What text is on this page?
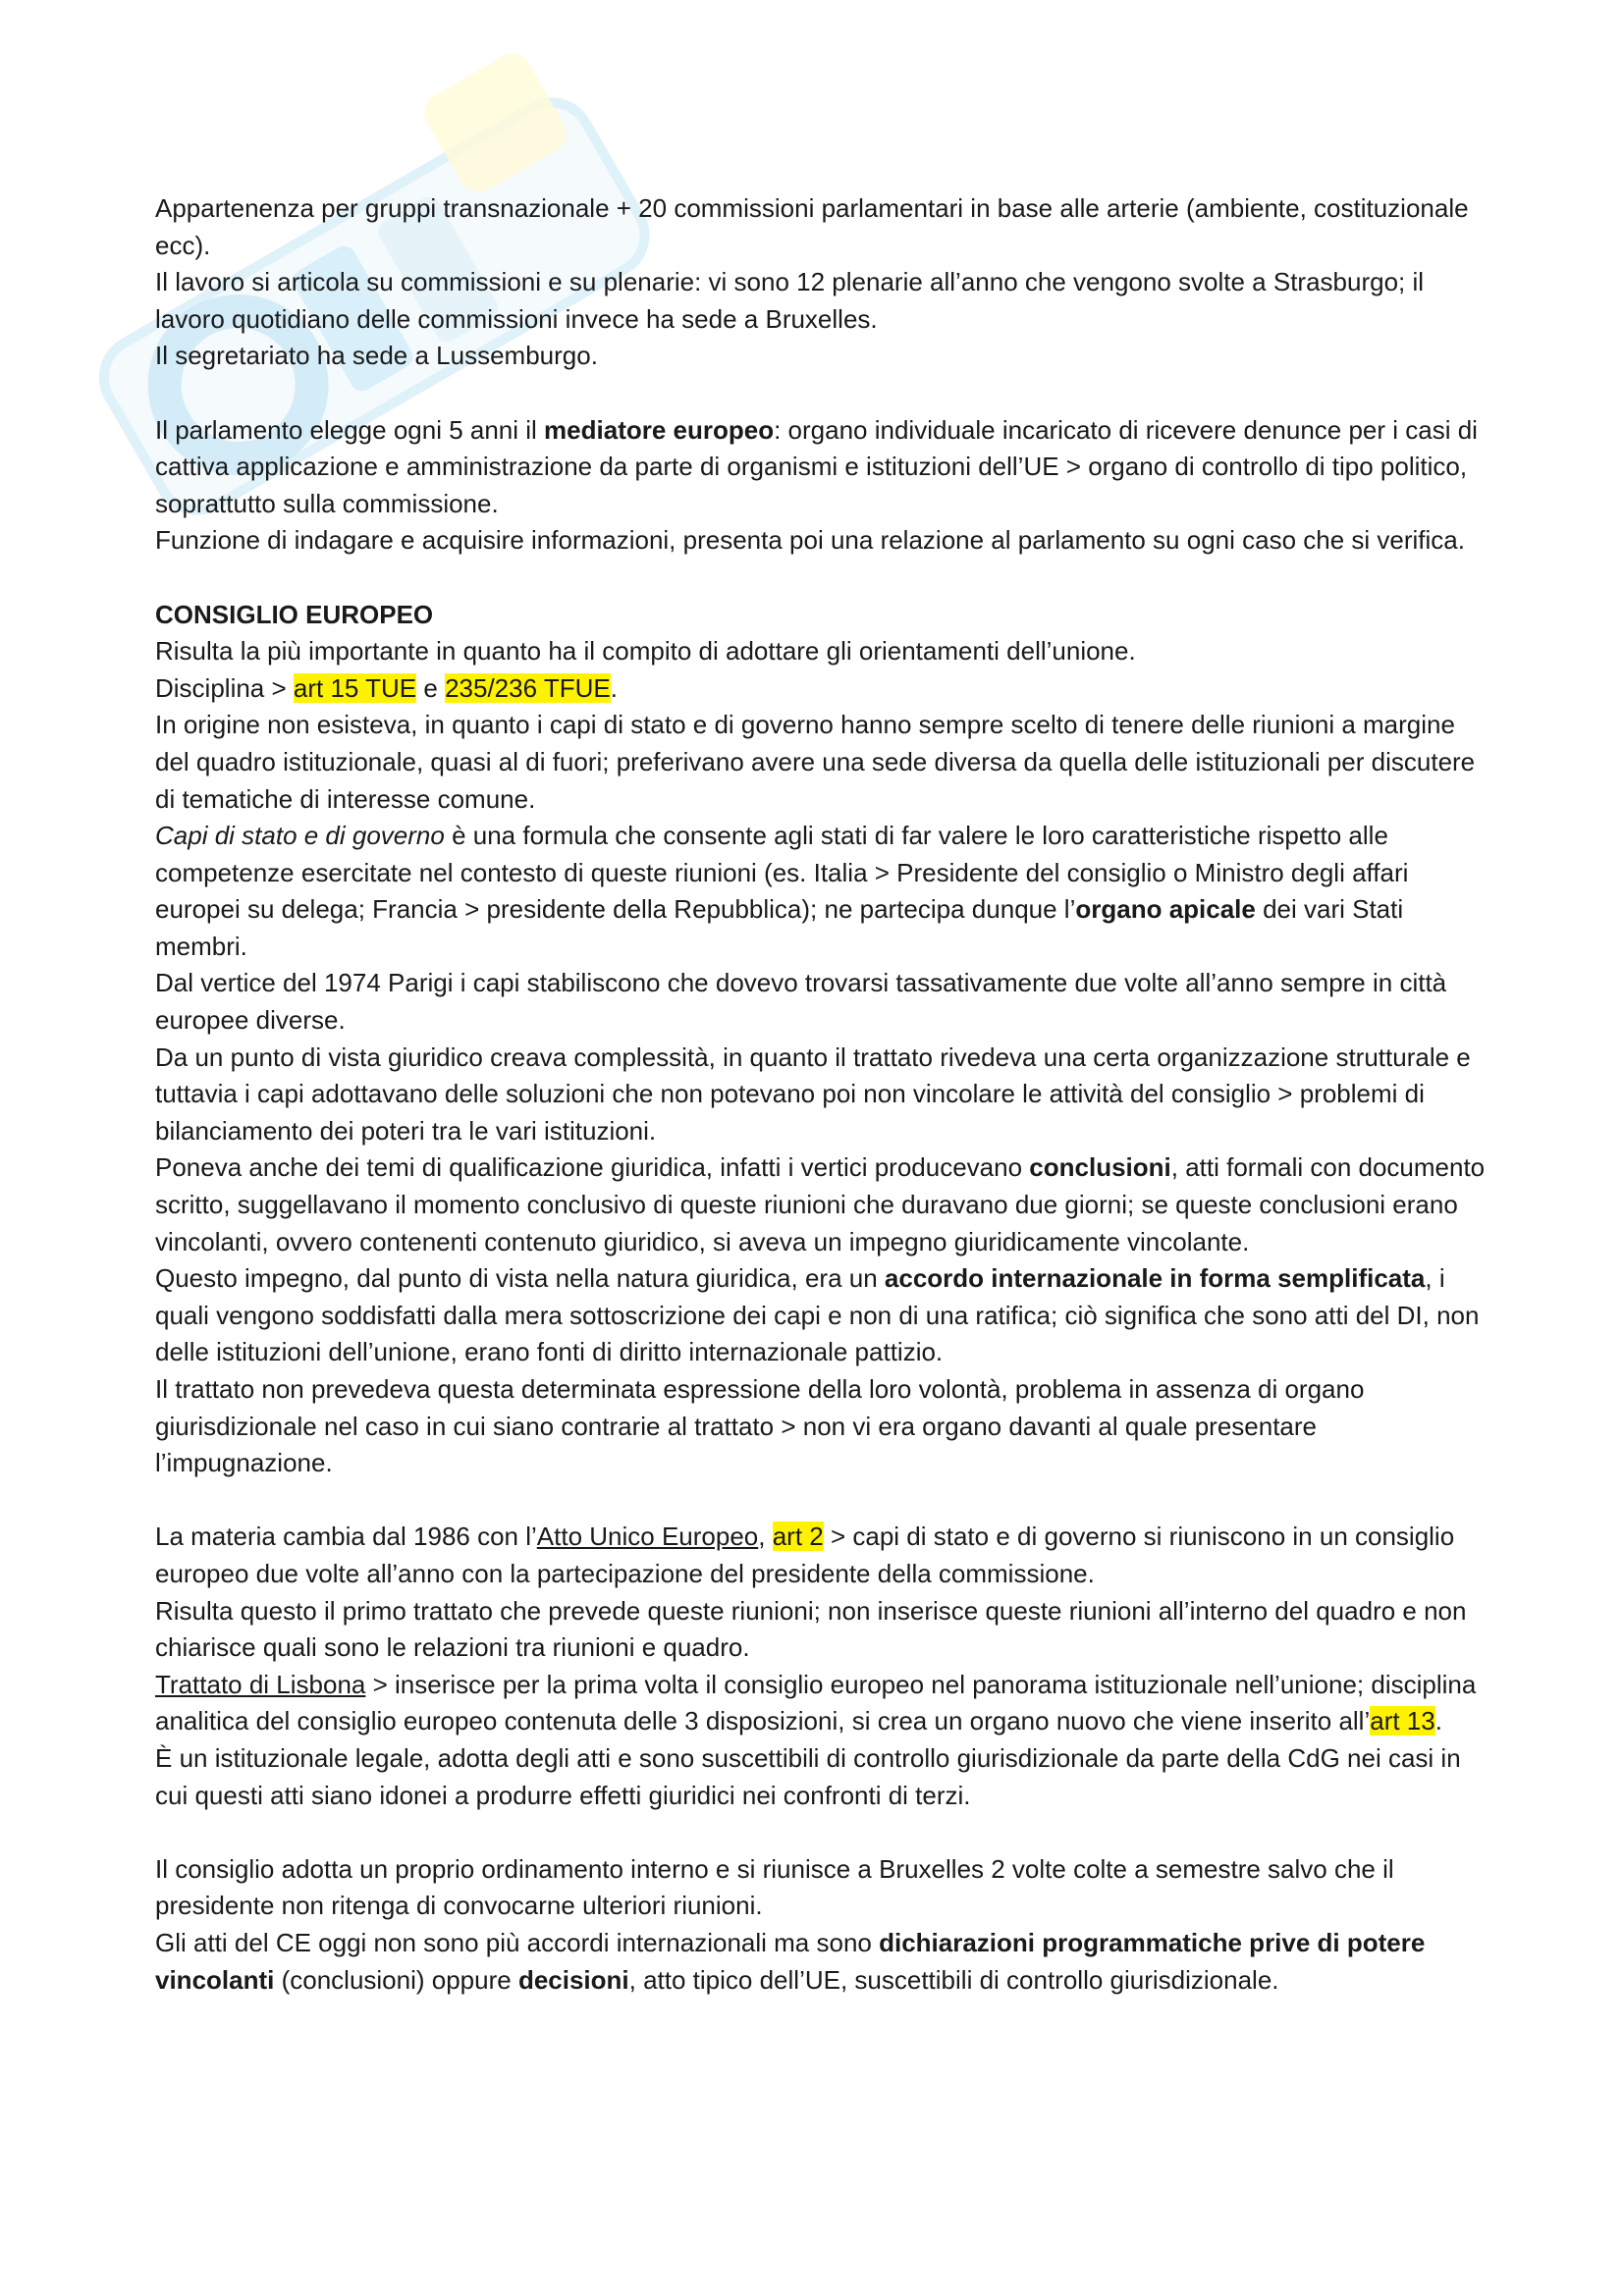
Appartenenza per gruppi transnazionale + 20 commissioni parlamentari in base alle arterie (ambiente, costituzionale ecc).

Il lavoro si articola su commissioni e su plenarie: vi sono 12 plenarie all’anno che vengono svolte a Strasburgo; il lavoro quotidiano delle commissioni invece ha sede a Bruxelles.

Il segretariato ha sede a Lussemburgo.

Il parlamento elegge ogni 5 anni il mediatore europeo: organo individuale incaricato di ricevere denunce per i casi di cattiva applicazione e amministrazione da parte di organismi e istituzioni dell’UE > organo di controllo di tipo politico, soprattutto sulla commissione.

Funzione di indagare e acquisire informazioni, presenta poi una relazione al parlamento su ogni caso che si verifica.

CONSIGLIO EUROPEO

Risulta la più importante in quanto ha il compito di adottare gli orientamenti dell’unione.

Disciplina > art 15 TUE e 235/236 TFUE.

In origine non esisteva, in quanto i capi di stato e di governo hanno sempre scelto di tenere delle riunioni a margine del quadro istituzionale, quasi al di fuori; preferivano avere una sede diversa da quella delle istituzionali per discutere di tematiche di interesse comune.

Capi di stato e di governo è una formula che consente agli stati di far valere le loro caratteristiche rispetto alle competenze esercitate nel contesto di queste riunioni (es. Italia > Presidente del consiglio o Ministro degli affari europei su delega; Francia > presidente della Repubblica); ne partecipa dunque l’organo apicale dei vari Stati membri.

Dal vertice del 1974 Parigi i capi stabiliscono che dovevo trovarsi tassativamente due volte all’anno sempre in città europee diverse.

Da un punto di vista giuridico creava complessità, in quanto il trattato rivedeva una certa organizzazione strutturale e tuttavia i capi adottavano delle soluzioni che non potevano poi non vincolare le attività del consiglio > problemi di bilanciamento dei poteri tra le vari istituzioni.

Poneva anche dei temi di qualificazione giuridica, infatti i vertici producevano conclusioni, atti formali con documento scritto, suggellavano il momento conclusivo di queste riunioni che duravano due giorni; se queste conclusioni erano vincolanti, ovvero contenenti contenuto giuridico, si aveva un impegno giuridicamente vincolante.

Questo impegno, dal punto di vista nella natura giuridica, era un accordo internazionale in forma semplificata, i quali vengono soddisfatti dalla mera sottoscrizione dei capi e non di una ratifica; ciò significa che sono atti del DI, non delle istituzioni dell’unione, erano fonti di diritto internazionale pattizio.

Il trattato non prevedeva questa determinata espressione della loro volontà, problema in assenza di organo giurisdizionale nel caso in cui siano contrarie al trattato > non vi era organo davanti al quale presentare l’impugnazione.

La materia cambia dal 1986 con l’Atto Unico Europeo, art 2 > capi di stato e di governo si riuniscono in un consiglio europeo due volte all’anno con la partecipazione del presidente della commissione.

Risulta questo il primo trattato che prevede queste riunioni; non inserisce queste riunioni all’interno del quadro e non chiarisce quali sono le relazioni tra riunioni e quadro.

Trattato di Lisbona > inserisce per la prima volta il consiglio europeo nel panorama istituzionale nell’unione; disciplina analitica del consiglio europeo contenuta delle 3 disposizioni, si crea un organo nuovo che viene inserito all’art 13.

È un istituzionale legale, adotta degli atti e sono suscettibili di controllo giurisdizionale da parte della CdG nei casi in cui questi atti siano idonei a produrre effetti giuridici nei confronti di terzi.

Il consiglio adotta un proprio ordinamento interno e si riunisce a Bruxelles 2 volte colte a semestre salvo che il presidente non ritenga di convocarne ulteriori riunioni.

Gli atti del CE oggi non sono più accordi internazionali ma sono dichiarazioni programmatiche prive di potere vincolanti (conclusioni) oppure decisioni, atto tipico dell’UE, suscettibili di controllo giurisdizionale.
